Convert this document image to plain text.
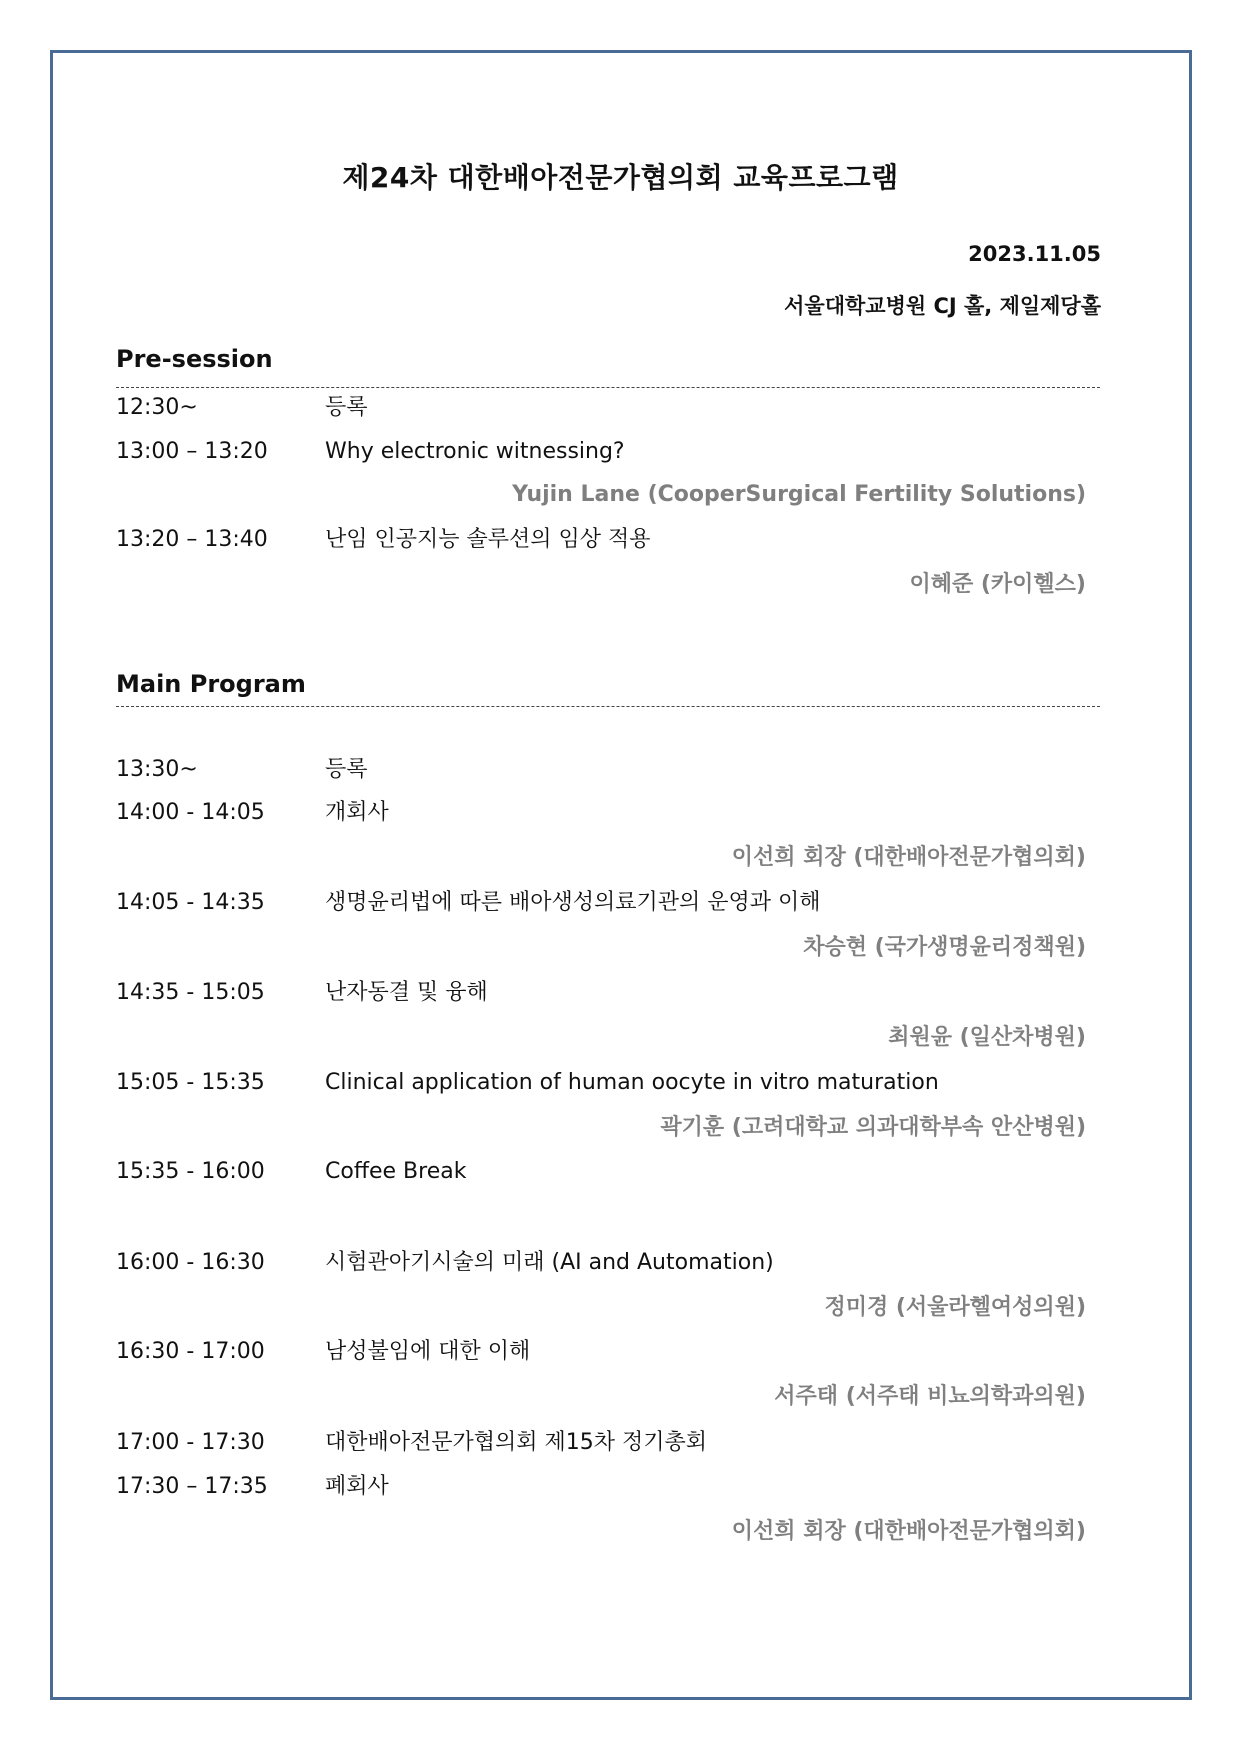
제24차 대한배아전문가협의회 교육프로그램
2023.11.05
서울대학교병원 CJ 홀, 제일제당홀
Pre-session
12:30~	등록
13:00 – 13:20	Why electronic witnessing?
Yujin Lane (CooperSurgical Fertility Solutions)
13:20 – 13:40	난임 인공지능 솔루션의 임상 적용
이혜준 (카이헬스)
Main Program
13:30~	등록
14:00 - 14:05	개회사
이선희 회장 (대한배아전문가협의회)
14:05 - 14:35	생명윤리법에 따른 배아생성의료기관의 운영과 이해
차승현 (국가생명윤리정책원)
14:35 - 15:05	난자동결 및 융해
최원윤 (일산차병원)
15:05 - 15:35	Clinical application of human oocyte in vitro maturation
곽기훈 (고려대학교 의과대학부속 안산병원)
15:35 - 16:00	Coffee Break
16:00 - 16:30	시험관아기시술의 미래 (AI and Automation)
정미경 (서울라헬여성의원)
16:30 - 17:00	남성불임에 대한 이해
서주태 (서주태 비뇨의학과의원)
17:00 - 17:30	대한배아전문가협의회 제15차 정기총회
17:30 – 17:35	폐회사
이선희 회장 (대한배아전문가협의회)
